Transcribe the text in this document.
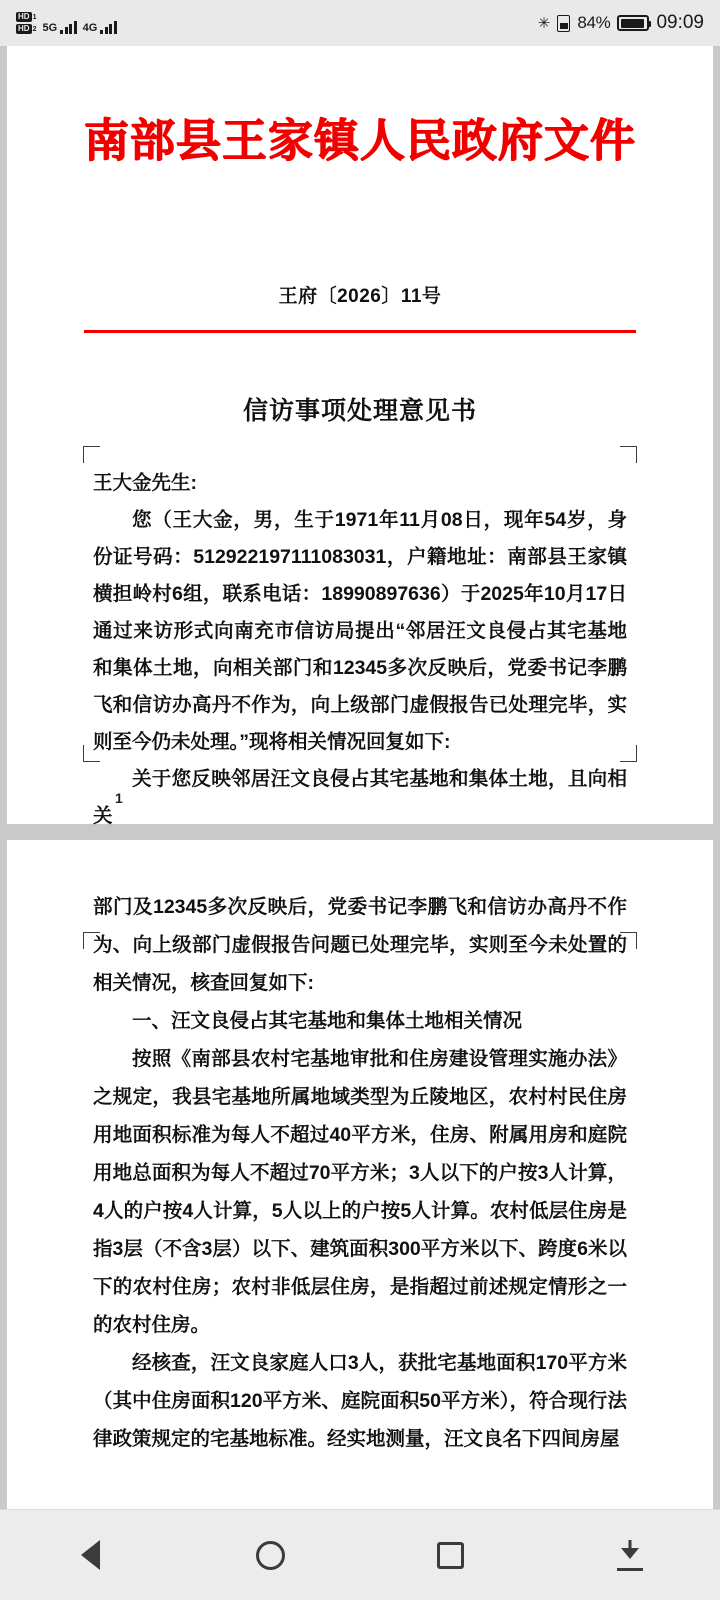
HD 1
HD 2 5G 4G	✳ 84% 09:09
南部县王家镇人民政府文件
王府〔2026〕11号
信访事项处理意见书

王大金先生:

您（王大金，男，生于1971年11月08日，现年54岁，身份证号码：512922197111083031，户籍地址：南部县王家镇横担岭村6组，联系电话：18990897636）于2025年10月17日通过来访形式向南充市信访局提出“邻居汪文良侵占其宅基地和集体土地，向相关部门和12345多次反映后，党委书记李鹏飞和信访办高丹不作为，向上级部门虚假报告已处理完毕，实则至今仍未处理。”现将相关情况回复如下:

关于您反映邻居汪文良侵占其宅基地和集体土地，且向相关

1

部门及12345多次反映后，党委书记李鹏飞和信访办高丹不作为、向上级部门虚假报告问题已处理完毕，实则至今未处置的相关情况，核查回复如下:

一、汪文良侵占其宅基地和集体土地相关情况

按照《南部县农村宅基地审批和住房建设管理实施办法》之规定，我县宅基地所属地域类型为丘陵地区，农村村民住房用地面积标准为每人不超过40平方米，住房、附属用房和庭院用地总面积为每人不超过70平方米；3人以下的户按3人计算，4人的户按4人计算，5人以上的户按5人计算。农村低层住房是指3层（不含3层）以下、建筑面积300平方米以下、跨度6米以下的农村住房；农村非低层住房，是指超过前述规定情形之一的农村住房。

经核查，汪文良家庭人口3人，获批宅基地面积170平方米（其中住房面积120平方米、庭院面积50平方米），符合现行法律政策规定的宅基地标准。经实地测量，汪文良名下四间房屋
